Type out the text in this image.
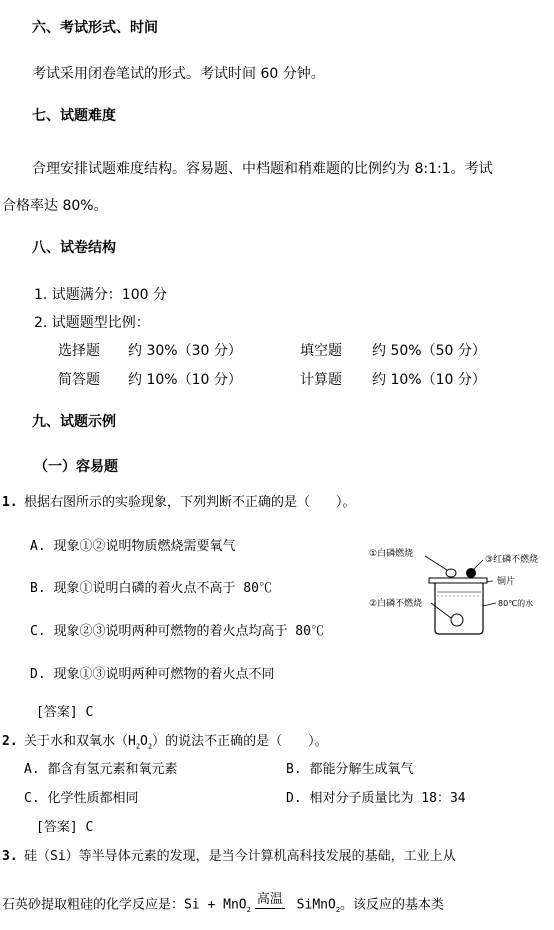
六、考试形式、时间
考试采用闭卷笔试的形式。考试时间 60 分钟。
七、试题难度
合理安排试题难度结构。容易题、中档题和稍难题的比例约为 8:1:1。考试
合格率达 80%。
八、试卷结构
1. 试题满分：100 分
2. 试题题型比例：
选择题 约 30%（30 分）	填空题 约 50%（50 分）
简答题 约 10%（10 分）	计算题 约 10%（10 分）
九、试题示例
（一）容易题
1. 根据右图所示的实验现象，下列判断不正确的是（　　）。
A. 现象①②说明物质燃烧需要氧气
B. 现象①说明白磷的着火点不高于 80℃
C. 现象②③说明两种可燃物的着火点均高于 80℃
D. 现象①③说明两种可燃物的着火点不同
[答案] C
①白磷燃烧
③红磷不燃烧
铜片
②白磷不燃烧	80℃的水
2. 关于水和双氧水$(H_2O_2)$的说法不正确的是（　　）。
A. 都含有氢元素和氧元素	B. 都能分解生成氧气
C. 化学性质都相同	D. 相对分子质量比为 18：34
[答案] C
3. 硅（Si）等半导体元素的发现，是当今计算机高科技发展的基础，工业上从
石英砂提取粗硅的化学反应是：Si + MnO$_2$
高温 SiMnO$_2$。该反应的基本类
